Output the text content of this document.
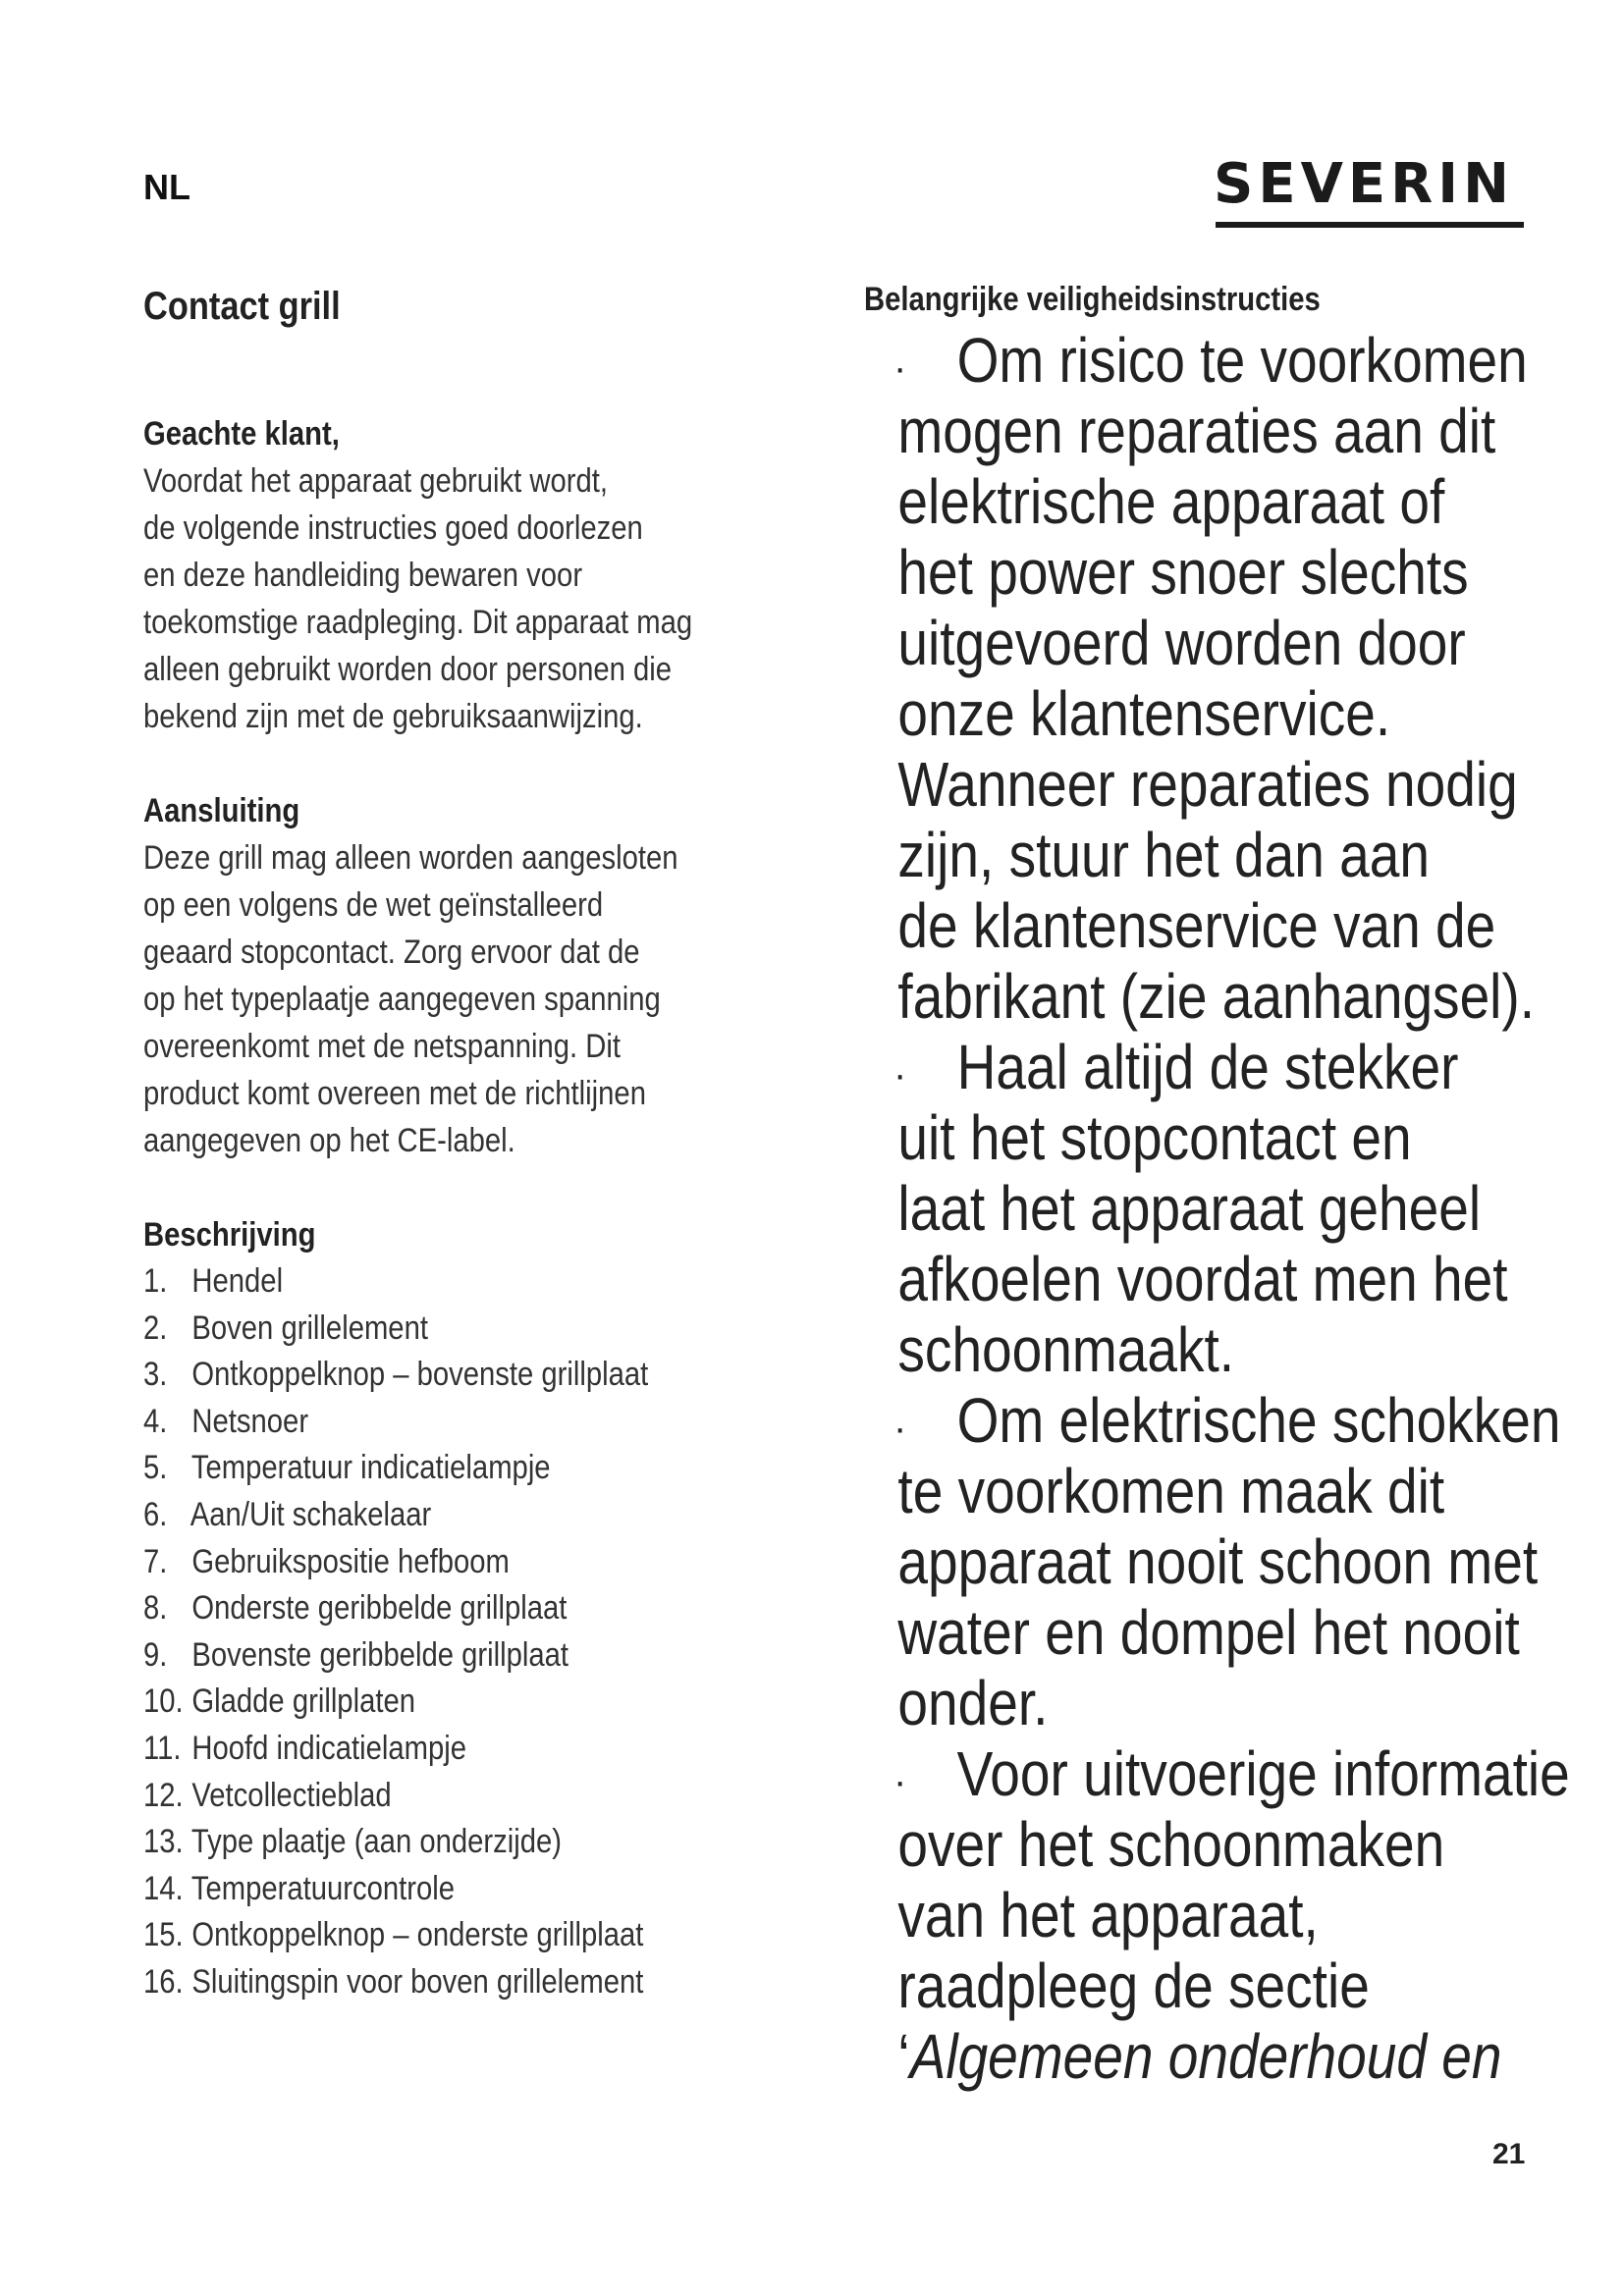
NL	SEVERIN
Contact grill
Geachte klant,

Voordat het apparaat gebruikt wordt,
de volgende instructies goed doorlezen
en deze handleiding bewaren voor
toekomstige raadpleging. Dit apparaat mag
alleen gebruikt worden door personen die
bekend zijn met de gebruiksaanwijzing.

Aansluiting

Deze grill mag alleen worden aangesloten
op een volgens de wet geïnstalleerd
geaard stopcontact. Zorg ervoor dat de
op het typeplaatje aangegeven spanning
overeenkomt met de netspanning. Dit
product komt overeen met de richtlijnen
aangegeven op het CE-label.

Beschrijving
1. Hendel
2. Boven grillelement
3. Ontkoppelknop – bovenste grillplaat
4. Netsnoer
5. Temperatuur indicatielampje
6. Aan/Uit schakelaar
7. Gebruikspositie hefboom
8. Onderste geribbelde grillplaat
9. Bovenste geribbelde grillplaat
10. Gladde grillplaten
11. Hoofd indicatielampje
12. Vetcollectieblad
13. Type plaatje (aan onderzijde)
14. Temperatuurcontrole
15. Ontkoppelknop – onderste grillplaat
16. Sluitingspin voor boven grillelement
Belangrijke veiligheidsinstructies
· Om risico te voorkomen
mogen reparaties aan dit
elektrische apparaat of
het power snoer slechts
uitgevoerd worden door
onze klantenservice.
Wanneer reparaties nodig
zijn, stuur het dan aan
de klantenservice van de
fabrikant (zie aanhangsel).
· Haal altijd de stekker
uit het stopcontact en
laat het apparaat geheel
afkoelen voordat men het
schoonmaakt.
· Om elektrische schokken
te voorkomen maak dit
apparaat nooit schoon met
water en dompel het nooit
onder.
· Voor uitvoerige informatie
over het schoonmaken
van het apparaat,
raadpleeg de sectie
‘Algemeen onderhoud en
21
